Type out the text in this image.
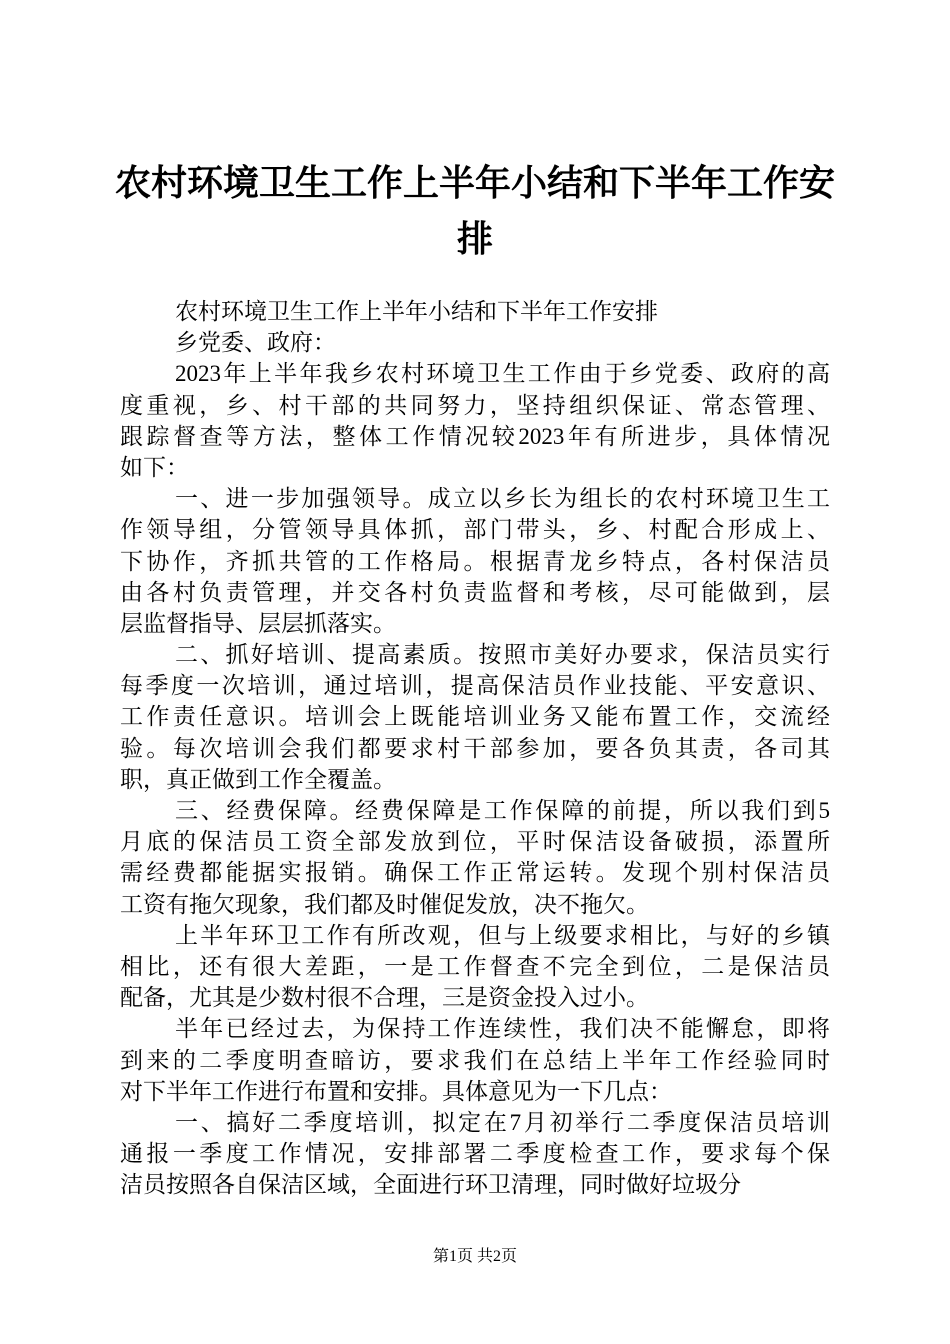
农村环境卫生工作上半年小结和下半年工作安
排
农村环境卫生工作上半年小结和下半年工作安排
乡党委、政府：
2023年上半年我乡农村环境卫生工作由于乡党委、政府的高
度重视，乡、村干部的共同努力，坚持组织保证、常态管理、
跟踪督查等方法，整体工作情况较2023年有所进步，具体情况
如下：
一、进一步加强领导。成立以乡长为组长的农村环境卫生工
作领导组，分管领导具体抓，部门带头，乡、村配合形成上、
下协作，齐抓共管的工作格局。根据青龙乡特点，各村保洁员
由各村负责管理，并交各村负责监督和考核，尽可能做到，层
层监督指导、层层抓落实。
二、抓好培训、提高素质。按照市美好办要求，保洁员实行
每季度一次培训，通过培训，提高保洁员作业技能、平安意识、
工作责任意识。培训会上既能培训业务又能布置工作，交流经
验。每次培训会我们都要求村干部参加，要各负其责，各司其
职，真正做到工作全覆盖。
三、经费保障。经费保障是工作保障的前提，所以我们到5
月底的保洁员工资全部发放到位，平时保洁设备破损，添置所
需经费都能据实报销。确保工作正常运转。发现个别村保洁员
工资有拖欠现象，我们都及时催促发放，决不拖欠。
上半年环卫工作有所改观，但与上级要求相比，与好的乡镇
相比，还有很大差距，一是工作督查不完全到位，二是保洁员
配备，尤其是少数村很不合理，三是资金投入过小。
半年已经过去，为保持工作连续性，我们决不能懈怠，即将
到来的二季度明查暗访，要求我们在总结上半年工作经验同时
对下半年工作进行布置和安排。具体意见为一下几点：
一、搞好二季度培训，拟定在7月初举行二季度保洁员培训
通报一季度工作情况，安排部署二季度检查工作，要求每个保
洁员按照各自保洁区域，全面进行环卫清理，同时做好垃圾分
第1页 共2页
